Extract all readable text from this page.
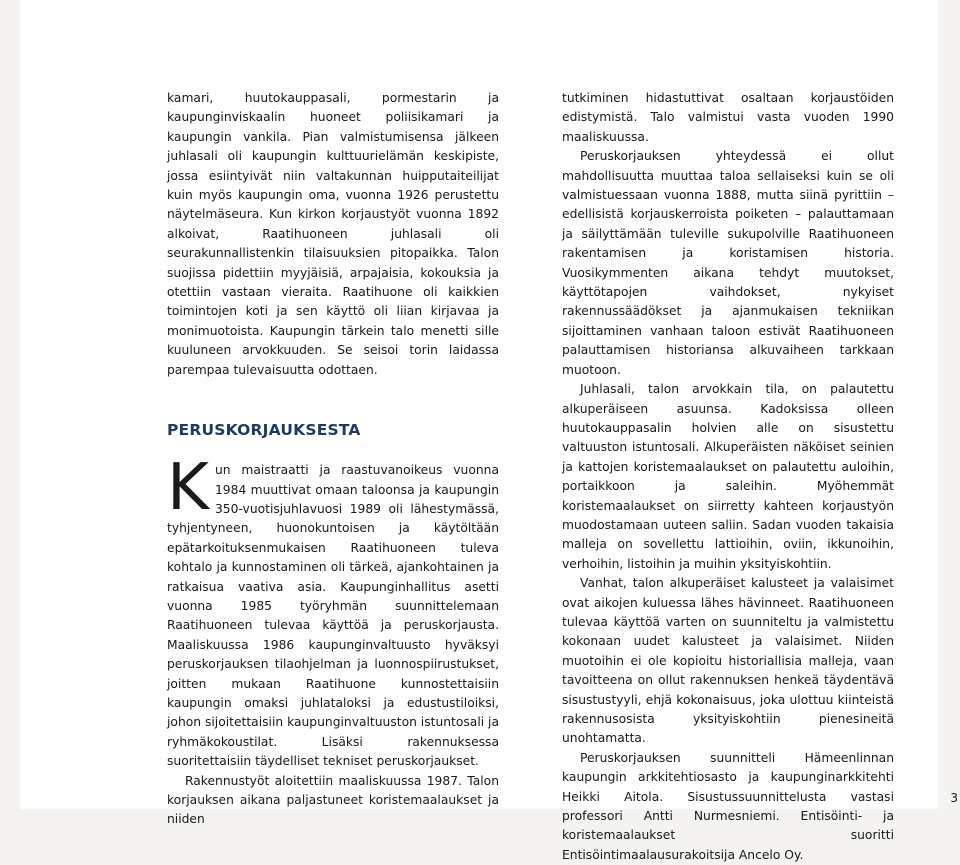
kamari, huutokauppasali, pormestarin ja kaupunginviskaalin huoneet poliisikamari ja kaupungin vankila. Pian valmistumisensa jälkeen juhlasali oli kaupungin kulttuurielämän keskipiste, jossa esiintyivät niin valtakunnan huipputaiteilijat kuin myös kaupungin oma, vuonna 1926 perustettu näytelmäseura. Kun kirkon korjaustyöt vuonna 1892 alkoivat, Raatihuoneen juhlasali oli seurakunnallistenkin tilaisuuksien pitopaikka. Talon suojissa pidettiin myyjäisiä, arpajaisia, kokouksia ja otettiin vastaan vieraita. Raatihuone oli kaikkien toimintojen koti ja sen käyttö oli liian kirjavaa ja monimuotoista. Kaupungin tärkein talo menetti sille kuuluneen arvokkuuden. Se seisoi torin laidassa parempaa tulevaisuutta odottaen.

PERUSKORJAUKSESTA

Kun maistraatti ja raastuvanoikeus vuonna 1984 muuttivat omaan taloonsa ja kaupungin 350-vuotisjuhlavuosi 1989 oli lähestymässä, tyhjentyneen, huonokuntoisen ja käytöltään epätarkoituksenmukaisen Raatihuoneen tuleva kohtalo ja kunnostaminen oli tärkeä, ajankohtainen ja ratkaisua vaativa asia. Kaupunginhallitus asetti vuonna 1985 työryhmän suunnittelemaan Raatihuoneen tulevaa käyttöä ja peruskorjausta. Maaliskuussa 1986 kaupunginvaltuusto hyväksyi peruskorjauksen tilaohjelman ja luonnospiirustukset, joitten mukaan Raatihuone kunnostettaisiin kaupungin omaksi juhlataloksi ja edustustiloiksi, johon sijoitettaisiin kaupunginvaltuuston istuntosali ja ryhmäkokoustilat. Lisäksi rakennuksessa suoritettaisiin täydelliset tekniset peruskorjaukset.

Rakennustyöt aloitettiin maaliskuussa 1987. Talon korjauksen aikana paljastuneet koristemaalaukset ja niiden

tutkiminen hidastuttivat osaltaan korjaustöiden edistymistä. Talo valmistui vasta vuoden 1990 maaliskuussa.

Peruskorjauksen yhteydessä ei ollut mahdollisuutta muuttaa taloa sellaiseksi kuin se oli valmistuessaan vuonna 1888, mutta siinä pyrittiin – edellisistä korjauskerroista poiketen – palauttamaan ja säilyttämään tuleville sukupolville Raatihuoneen rakentamisen ja koristamisen historia. Vuosikymmenten aikana tehdyt muutokset, käyttötapojen vaihdokset, nykyiset rakennussäädökset ja ajanmukaisen tekniikan sijoittaminen vanhaan taloon estivät Raatihuoneen palauttamisen historiansa alkuvaiheen tarkkaan muotoon.

Juhlasali, talon arvokkain tila, on palautettu alkuperäiseen asuunsa. Kadoksissa olleen huutokauppasalin holvien alle on sisustettu valtuuston istuntosali. Alkuperäisten näköiset seinien ja kattojen koristemaalaukset on palautettu auloihin, portaikkoon ja saleihin. Myöhemmät koristemaalaukset on siirretty kahteen korjaustyön muodostamaan uuteen saliin. Sadan vuoden takaisia malleja on sovellettu lattioihin, oviin, ikkunoihin, verhoihin, listoihin ja muihin yksityiskohtiin.

Vanhat, talon alkuperäiset kalusteet ja valaisimet ovat aikojen kuluessa lähes hävinneet. Raatihuoneen tulevaa käyttöä varten on suunniteltu ja valmistettu kokonaan uudet kalusteet ja valaisimet. Niiden muotoihin ei ole kopioitu historiallisia malleja, vaan tavoitteena on ollut rakennuksen henkeä täydentävä sisustustyyli, ehjä kokonaisuus, joka ulottuu kiinteistä rakennusosista yksityiskohtiin pienesineitä unohtamatta.

Peruskorjauksen suunnitteli Hämeenlinnan kaupungin arkkitehtiosasto ja kaupunginarkkitehti Heikki Aitola. Sisustussuunnittelusta vastasi professori Antti Nurmesniemi. Entisöinti- ja koristemaalaukset suoritti Entisöintimaalausurakoitsija Ancelo Oy.

3
